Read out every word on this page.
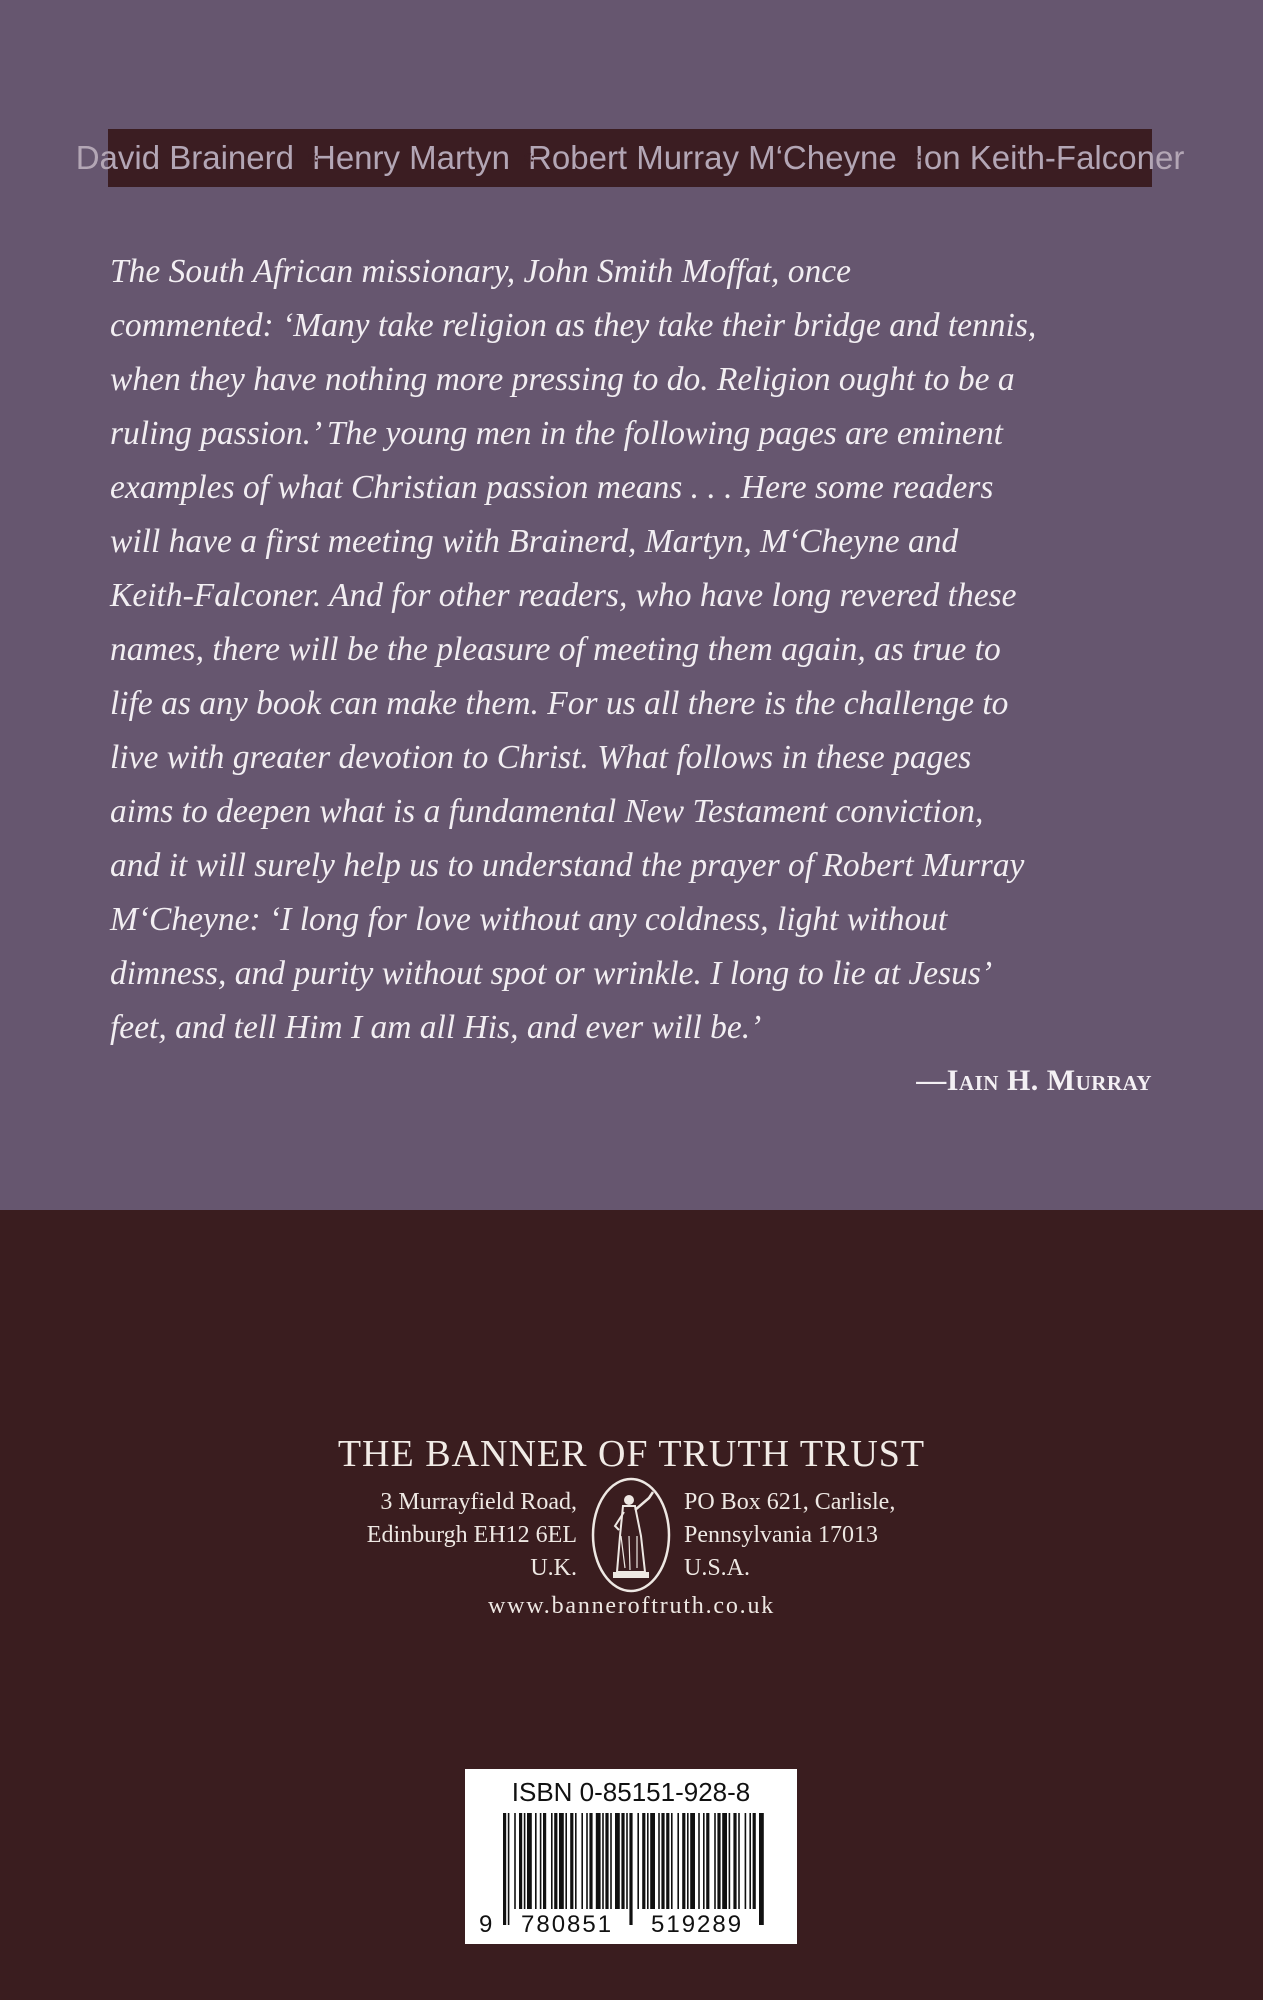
David Brainerd Henry Martyn Robert Murray M‘Cheyne Ion Keith-Falconer
The South African missionary, John Smith Moffat, once
commented: ‘Many take religion as they take their bridge and tennis,
when they have nothing more pressing to do. Religion ought to be a
ruling passion.’ The young men in the following pages are eminent
examples of what Christian passion means . . . Here some readers
will have a first meeting with Brainerd, Martyn, M‘Cheyne and
Keith-Falconer. And for other readers, who have long revered these
names, there will be the pleasure of meeting them again, as true to
life as any book can make them. For us all there is the challenge to
live with greater devotion to Christ. What follows in these pages
aims to deepen what is a fundamental New Testament conviction,
and it will surely help us to understand the prayer of Robert Murray
M‘Cheyne: ‘I long for love without any coldness, light without
dimness, and purity without spot or wrinkle. I long to lie at Jesus’
feet, and tell Him I am all His, and ever will be.’
—Iain H. Murray
THE BANNER OF TRUTH TRUST
3 Murrayfield Road,
Edinburgh EH12 6EL
U.K.
PO Box 621, Carlisle,
Pennsylvania 17013
U.S.A.
www.banneroftruth.co.uk
ISBN 0-85151-928-8
9 780851 519289
